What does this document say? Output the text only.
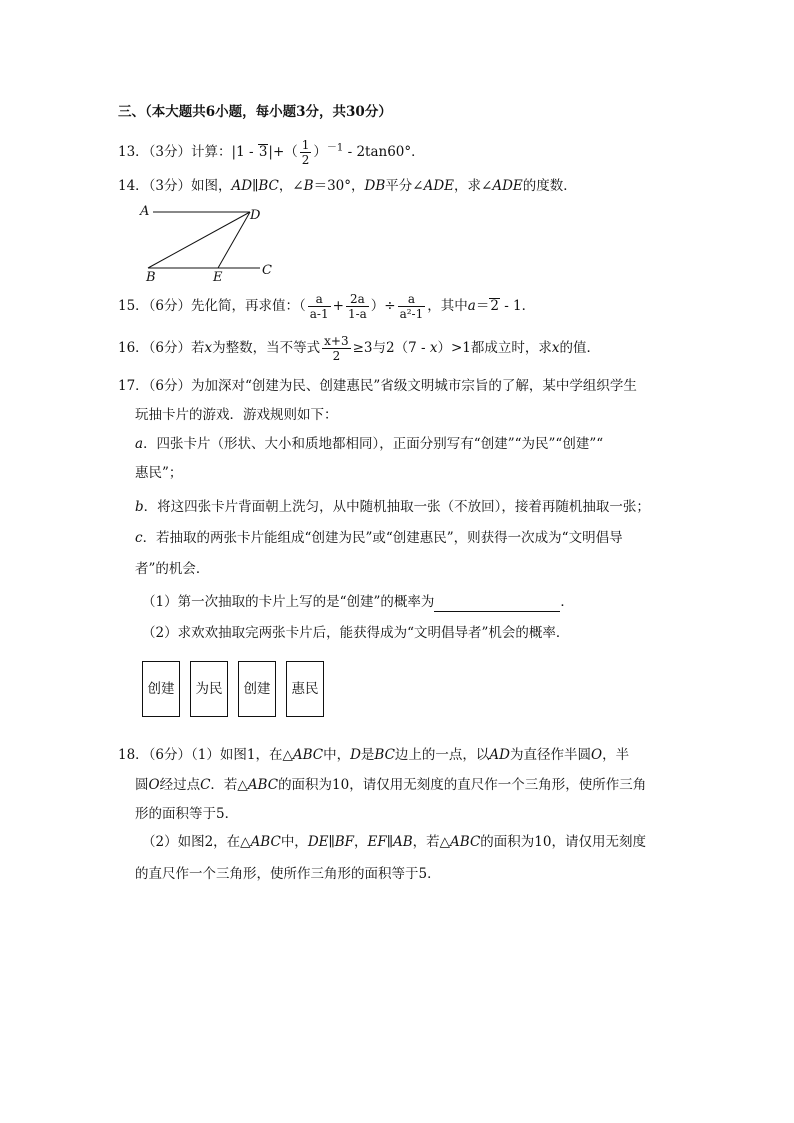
三、（本大题共6小题，每小题3分，共30分）
13．（3分）计算：$|1 - 3|+( \frac{1}{2} )^{-1} - 2\tan 60^\circ$．
14．（3分）如图，AD∥BC，∠B＝30°，DB平分∠ADE，求∠ADE的度数．
A	D
B	E	C
15．（6分）先化简，再求值：（ $\frac{a}{a-1} + \frac{2a}{1-a}$ ）÷ $\frac{a}{\text{a²-1}}$ ，其中a＝2 - 1．
16．（6分）若x为整数，当不等式 $\frac{x+3}{2} \ge 3$与2（7 - x）>1都成立时，求x的值．
17．（6分）为加深对“创建为民、创建惠民”省级文明城市宗旨的了解，某中学组织学生
玩抽卡片的游戏．游戏规则如下：
a．四张卡片（形状、大小和质地都相同），正面分别写有“创建”“为民”“创建”“
惠民”；
b．将这四张卡片背面朝上洗匀，从中随机抽取一张（不放回），接着再随机抽取一张；
c．若抽取的两张卡片能组成“创建为民”或“创建惠民”，则获得一次成为“文明倡导
者”的机会．
（1）第一次抽取的卡片上写的是“创建”的概率为	．
（2）求欢欢抽取完两张卡片后，能获得成为“文明倡导者”机会的概率．
创建	为民	创建	惠民
18．（6分）（1）如图1，在△ABC中，D是BC边上的一点，以AD为直径作半圆O，半
圆O经过点C．若△ABC的面积为10，请仅用无刻度的直尺作一个三角形，使所作三角
形的面积等于5．
（2）如图2，在△ABC中，DE∥BF，EF∥AB，若△ABC的面积为10，请仅用无刻度
的直尺作一个三角形，使所作三角形的面积等于5．
